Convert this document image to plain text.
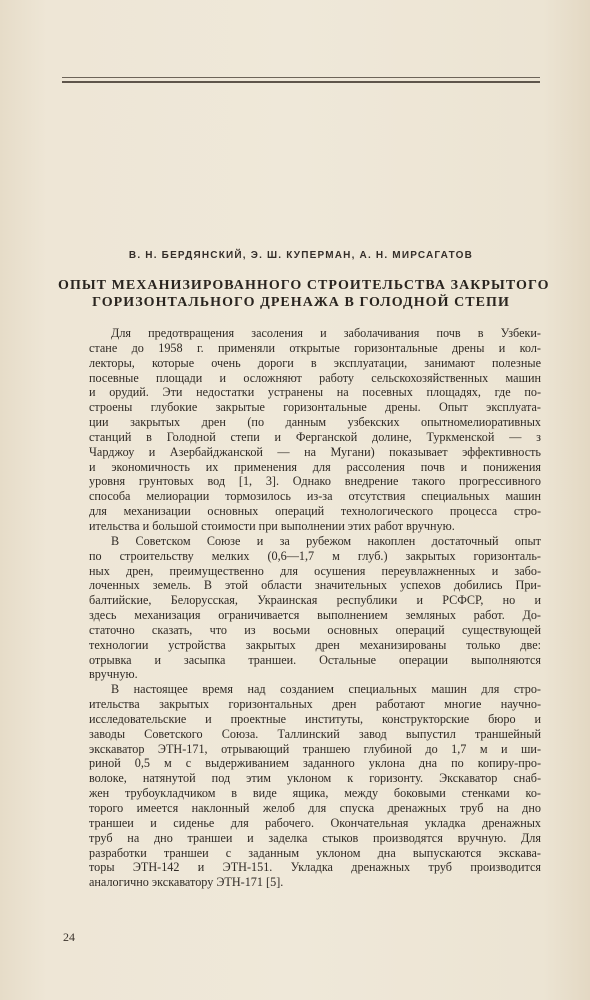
В. Н. БЕРДЯНСКИЙ, Э. Ш. КУПЕРМАН, А. Н. МИРСАГАТОВ
ОПЫТ МЕХАНИЗИРОВАННОГО СТРОИТЕЛЬСТВА ЗАКРЫТОГО
ГОРИЗОНТАЛЬНОГО ДРЕНАЖА В ГОЛОДНОЙ СТЕПИ
Для предотвращения засоления и заболачивания почв в Узбеки-
стане до 1958 г. применяли открытые горизонтальные дрены и кол-
лекторы, которые очень дороги в эксплуатации, занимают полезные
посевные площади и осложняют работу сельскохозяйственных машин
и орудий. Эти недостатки устранены на посевных площадях, где по-
строены глубокие закрытые горизонтальные дрены. Опыт эксплуата-
ции закрытых дрен (по данным узбекских опытномелиоративных
станций в Голодной степи и Ферганской долине, Туркменской — з
Чарджоу и Азербайджанской — на Мугани) показывает эффективность
и экономичность их применения для рассоления почв и понижения
уровня грунтовых вод [1, 3]. Однако внедрение такого прогрессивного
способа мелиорации тормозилось из-за отсутствия специальных машин
для механизации основных операций технологического процесса стро-
ительства и большой стоимости при выполнении этих работ вручную.
В Советском Союзе и за рубежом накоплен достаточный опыт
по строительству мелких (0,6—1,7 м глуб.) закрытых горизонталь-
ных дрен, преимущественно для осушения переувлажненных и забо-
лоченных земель. В этой области значительных успехов добились При-
балтийские, Белорусская, Украинская республики и РСФСР, но и
здесь механизация ограничивается выполнением земляных работ. До-
статочно сказать, что из восьми основных операций существующей
технологии устройства закрытых дрен механизированы только две:
отрывка и засыпка траншеи. Остальные операции выполняются
вручную.
В настоящее время над созданием специальных машин для стро-
ительства закрытых горизонтальных дрен работают многие научно-
исследовательские и проектные институты, конструкторские бюро и
заводы Советского Союза. Таллинский завод выпустил траншейный
экскаватор ЭТН-171, отрывающий траншею глубиной до 1,7 м и ши-
риной 0,5 м с выдерживанием заданного уклона дна по копиру-про-
волоке, натянутой под этим уклоном к горизонту. Экскаватор снаб-
жен трубоукладчиком в виде ящика, между боковыми стенками ко-
торого имеется наклонный желоб для спуска дренажных труб на дно
траншеи и сиденье для рабочего. Окончательная укладка дренажных
труб на дно траншеи и заделка стыков производятся вручную. Для
разработки траншеи с заданным уклоном дна выпускаются экскава-
торы ЭТН-142 и ЭТН-151. Укладка дренажных труб производится
аналогично экскаватору ЭТН-171 [5].
24
